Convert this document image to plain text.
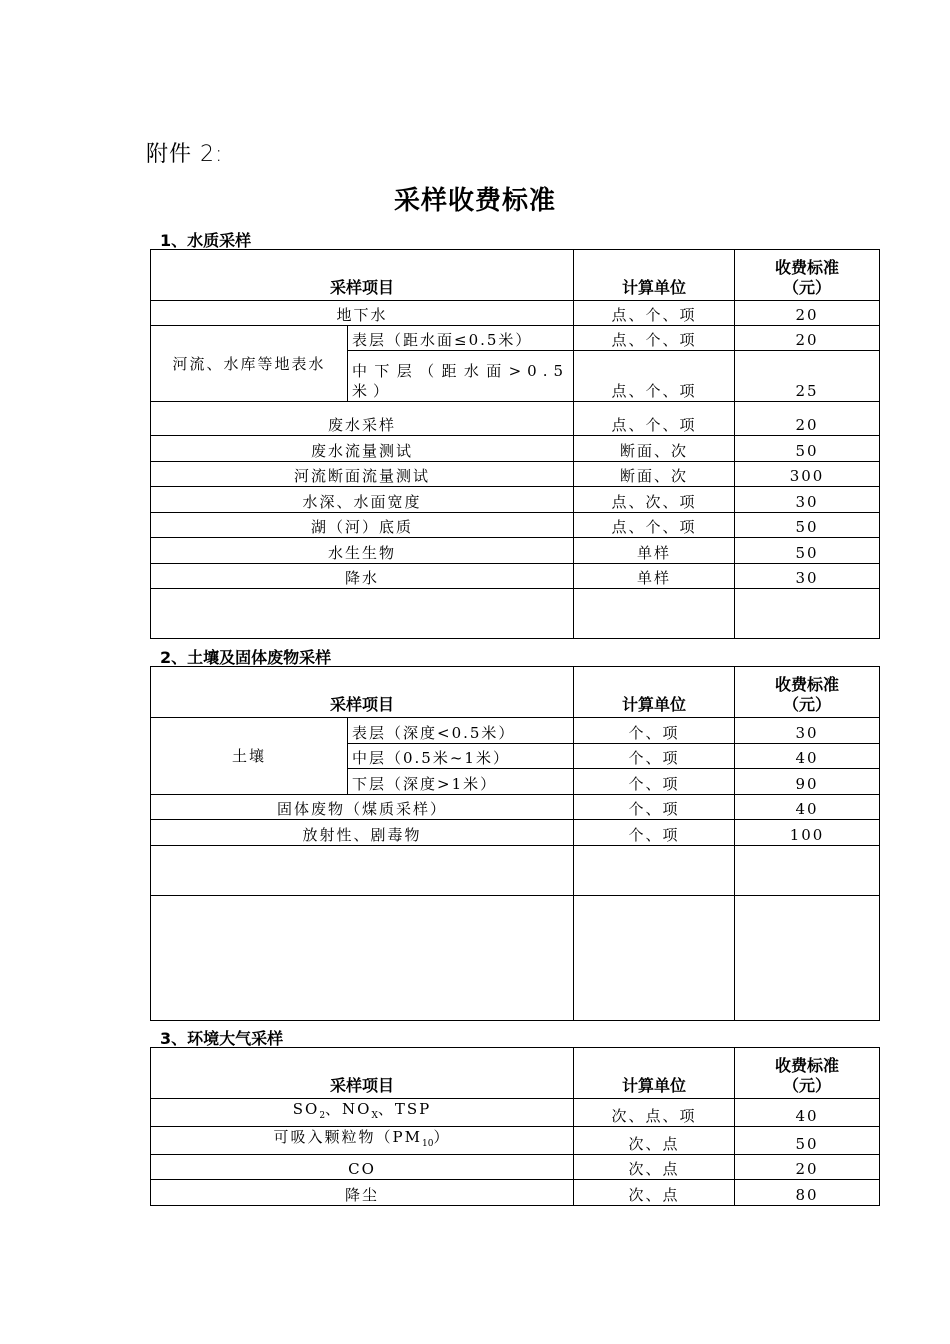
附件 2:
采样收费标准
1、水质采样
采样项目		计算单位	收费标准
（元）

地下水		点、个、项	20
河流、水库等地表水	表层（距水面≤0.5米）	点、个、项	20
	中下层（距水面>0.5米）	点、个、项	25
废水采样		点、个、项	20
废水流量测试		断面、次	50
河流断面流量测试		断面、次	300
水深、水面宽度		点、次、项	30
湖（河）底质		点、个、项	50
水生生物		单样	50
降水		单样	30

2、土壤及固体废物采样
采样项目		计算单位	收费标准
（元）

土壤	表层（深度<0.5米）	个、项	30
	中层（0.5米~1米）	个、项	40
	下层（深度>1米）	个、项	90
固体废物（煤质采样）		个、项	40
放射性、剧毒物		个、项	100

3、环境大气采样
采样项目	计算单位	收费标准
（元）

$SO_2$、$NO_X$、TSP	次、点、项	40
可吸入颗粒物$(PM_{10})$	次、点	50
CO	次、点	20
降尘	次、点	80
